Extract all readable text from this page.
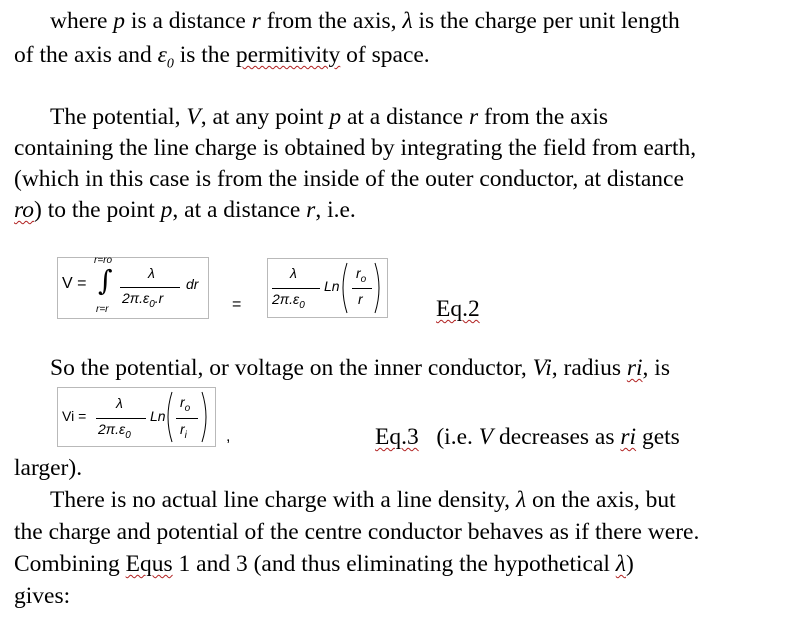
where p is a distance r from the axis, λ is the charge per unit length
of the axis and $\varepsilon_0$ is the permitivity of space.
The potential, V, at any point p at a distance r from the axis
containing the line charge is obtained by integrating the field from earth,
(which in this case is from the inside of the outer conductor, at distance
ro) to the point p, at a distance r, i.e.
V =
r=ro
∫
r=r
λ
$2\pi.\varepsilon_0.r$
dr
=
λ
$2\pi.\varepsilon_0$
Ln
$r_o$
r	Eq.2
So the potential, or voltage on the inner conductor, Vi, radius ri, is
Vi =
λ
$2\pi.\varepsilon_0$
Ln
$r_o$
$r_i$ ,	Eq.3 (i.e. V decreases as ri gets
larger).
There is no actual line charge with a line density, λ on the axis, but
the charge and potential of the centre conductor behaves as if there were.
Combining Equs 1 and 3 (and thus eliminating the hypothetical λ)
gives:
